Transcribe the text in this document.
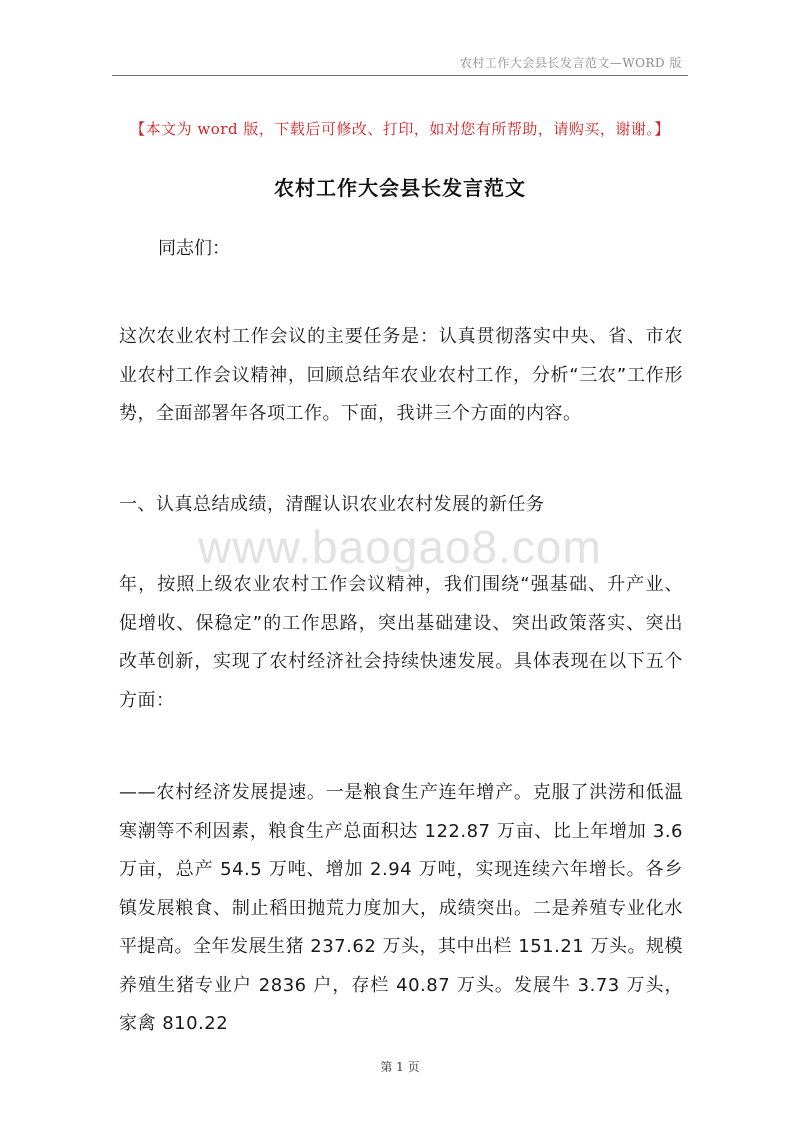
农村工作大会县长发言范文—WORD 版
【本文为 word 版，下载后可修改、打印，如对您有所帮助，请购买，谢谢。】
农村工作大会县长发言范文

同志们：

这次农业农村工作会议的主要任务是：认真贯彻落实中央、省、市农业农村工作会议精神，回顾总结年农业农村工作，分析“三农”工作形势，全面部署年各项工作。下面，我讲三个方面的内容。

一、认真总结成绩，清醒认识农业农村发展的新任务

www.baogao8.com

年，按照上级农业农村工作会议精神，我们围绕“强基础、升产业、促增收、保稳定”的工作思路，突出基础建设、突出政策落实、突出改革创新，实现了农村经济社会持续快速发展。具体表现在以下五个方面：

——农村经济发展提速。一是粮食生产连年增产。克服了洪涝和低温寒潮等不利因素，粮食生产总面积达 122.87 万亩、比上年增加 3.6 万亩，总产 54.5 万吨、增加 2.94 万吨，实现连续六年增长。各乡镇发展粮食、制止稻田抛荒力度加大，成绩突出。二是养殖专业化水平提高。全年发展生猪 237.62 万头，其中出栏 151.21 万头。规模养殖生猪专业户 2836 户，存栏 40.87 万头。发展牛 3.73 万头，家禽 810.22

第 1 页
